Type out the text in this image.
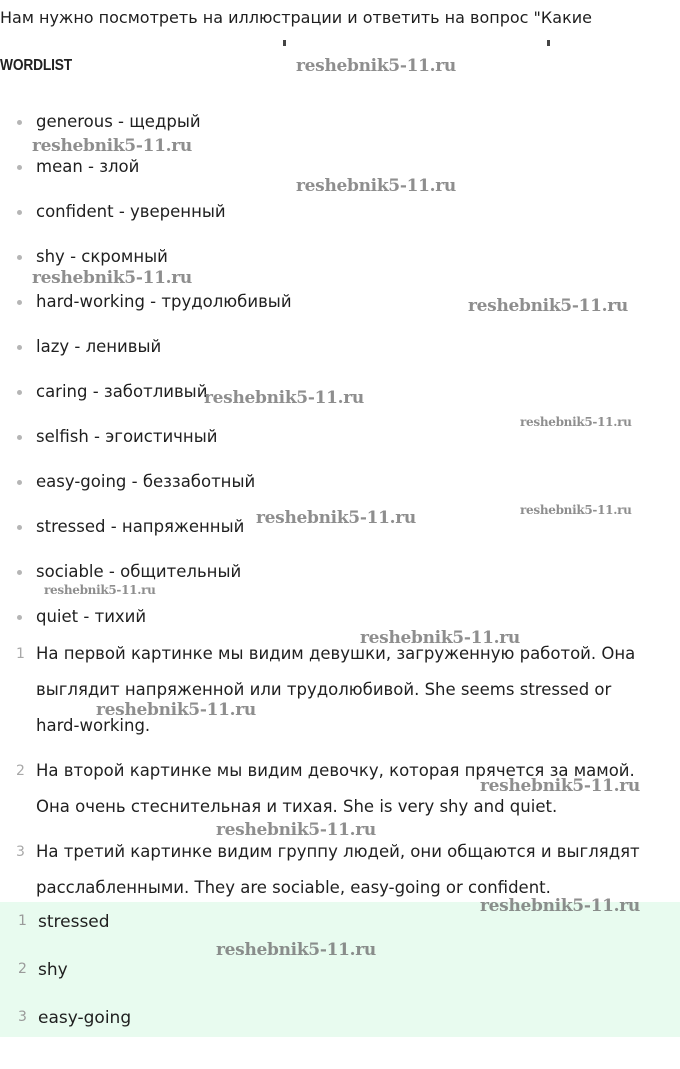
Нам нужно посмотреть на иллюстрации и ответить на вопрос "Какие
WORDLIST
generous - щедрый
mean - злой
confident - уверенный
shy - скромный
hard-working - трудолюбивый
lazy - ленивый
caring - заботливый
selfish - эгоистичный
easy-going - беззаботный
stressed - напряженный
sociable - общительный
quiet - тихий
1 На первой картинке мы видим девушки, загруженную работой. Она выглядит напряженной или трудолюбивой. She seems stressed or hard-working.
2 На второй картинке мы видим девочку, которая прячется за мамой. Она очень стеснительная и тихая. She is very shy and quiet.
3 На третий картинке видим группу людей, они общаются и выглядят расслабленными. They are sociable, easy-going or confident.
1 stressed
2 shy
3 easy-going
reshebnik5-11.ru
reshebnik5-11.ru
reshebnik5-11.ru
reshebnik5-11.ru
reshebnik5-11.ru
reshebnik5-11.ru
reshebnik5-11.ru
reshebnik5-11.ru	reshebnik5-11.ru
reshebnik5-11.ru
reshebnik5-11.ru
reshebnik5-11.ru
reshebnik5-11.ru
reshebnik5-11.ru
reshebnik5-11.ru
reshebnik5-11.ru
